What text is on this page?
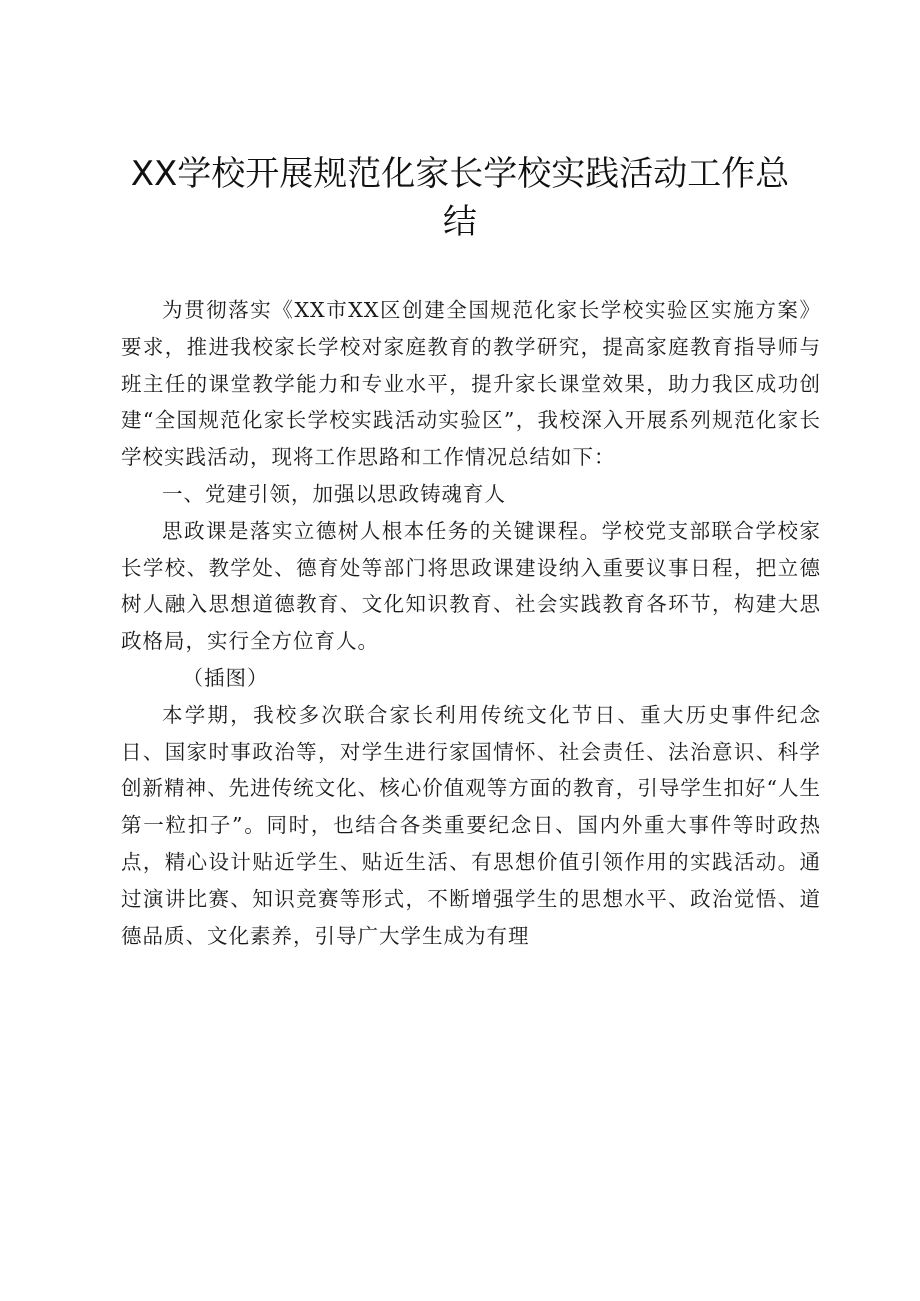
XX学校开展规范化家长学校实践活动工作总结

为贯彻落实《XX市XX区创建全国规范化家长学校实验区实施方案》要求，推进我校家长学校对家庭教育的教学研究，提高家庭教育指导师与班主任的课堂教学能力和专业水平，提升家长课堂效果，助力我区成功创建“全国规范化家长学校实践活动实验区”，我校深入开展系列规范化家长学校实践活动，现将工作思路和工作情况总结如下：

一、党建引领，加强以思政铸魂育人

思政课是落实立德树人根本任务的关键课程。学校党支部联合学校家长学校、教学处、德育处等部门将思政课建设纳入重要议事日程，把立德树人融入思想道德教育、文化知识教育、社会实践教育各环节，构建大思政格局，实行全方位育人。

（插图）

本学期，我校多次联合家长利用传统文化节日、重大历史事件纪念日、国家时事政治等，对学生进行家国情怀、社会责任、法治意识、科学创新精神、先进传统文化、核心价值观等方面的教育，引导学生扣好“人生第一粒扣子”。同时，也结合各类重要纪念日、国内外重大事件等时政热点，精心设计贴近学生、贴近生活、有思想价值引领作用的实践活动。通过演讲比赛、知识竞赛等形式，不断增强学生的思想水平、政治觉悟、道德品质、文化素养，引导广大学生成为有理
